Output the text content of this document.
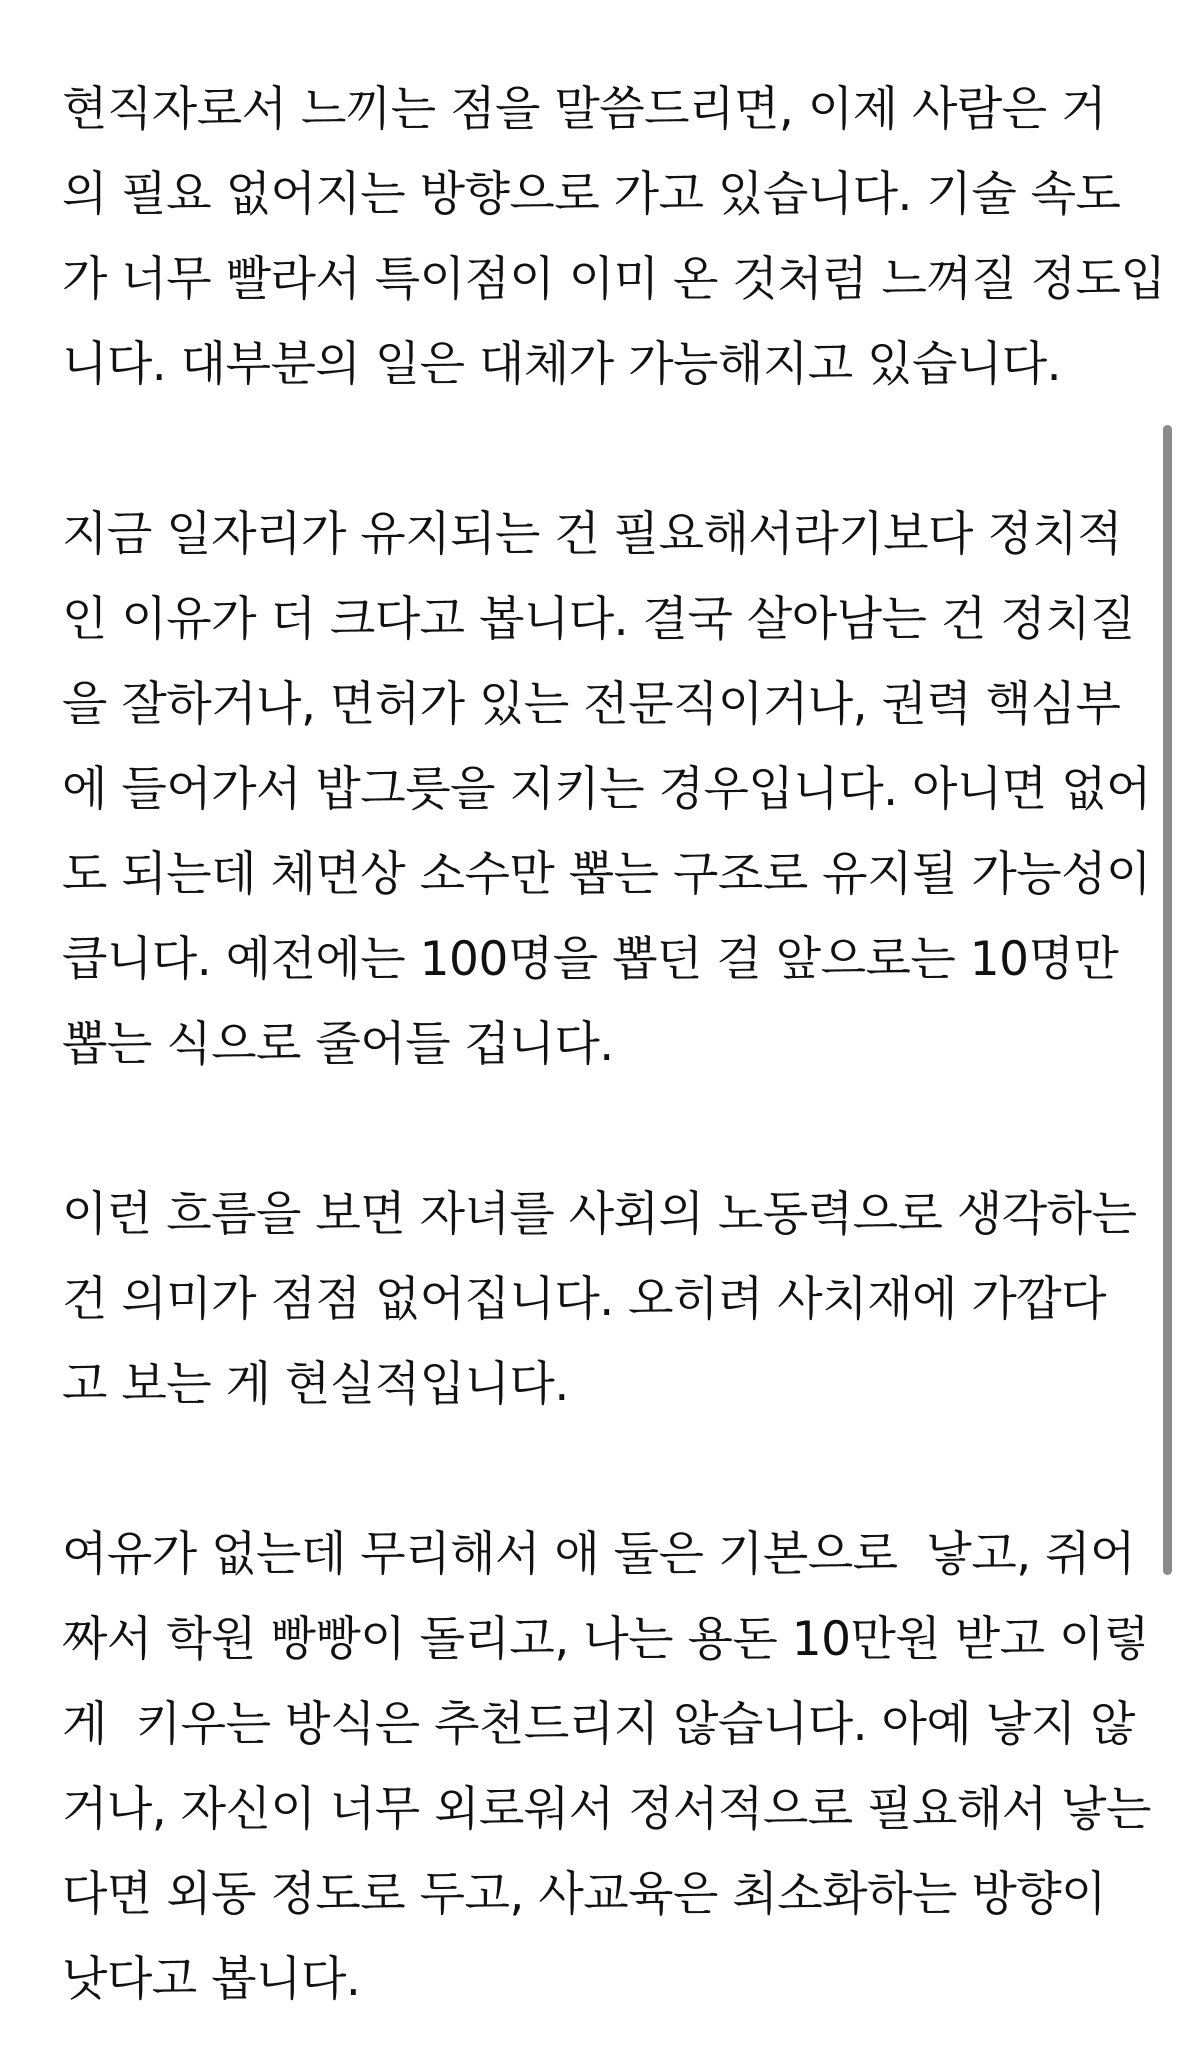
현직자로서 느끼는 점을 말씀드리면, 이제 사람은 거
의 필요 없어지는 방향으로 가고 있습니다. 기술 속도
가 너무 빨라서 특이점이 이미 온 것처럼 느껴질 정도입
니다. 대부분의 일은 대체가 가능해지고 있습니다.
지금 일자리가 유지되는 건 필요해서라기보다 정치적
인 이유가 더 크다고 봅니다. 결국 살아남는 건 정치질
을 잘하거나, 면허가 있는 전문직이거나, 권력 핵심부
에 들어가서 밥그릇을 지키는 경우입니다. 아니면 없어
도 되는데 체면상 소수만 뽑는 구조로 유지될 가능성이
큽니다. 예전에는 100명을 뽑던 걸 앞으로는 10명만
뽑는 식으로 줄어들 겁니다.
이런 흐름을 보면 자녀를 사회의 노동력으로 생각하는
건 의미가 점점 없어집니다. 오히려 사치재에 가깝다
고 보는 게 현실적입니다.
여유가 없는데 무리해서 애 둘은 기본으로  낳고, 쥐어
짜서 학원 빵빵이 돌리고, 나는 용돈 10만원 받고 이렇
게  키우는 방식은 추천드리지 않습니다. 아예 낳지 않
거나, 자신이 너무 외로워서 정서적으로 필요해서 낳는
다면 외동 정도로 두고, 사교육은 최소화하는 방향이
낫다고 봅니다.
